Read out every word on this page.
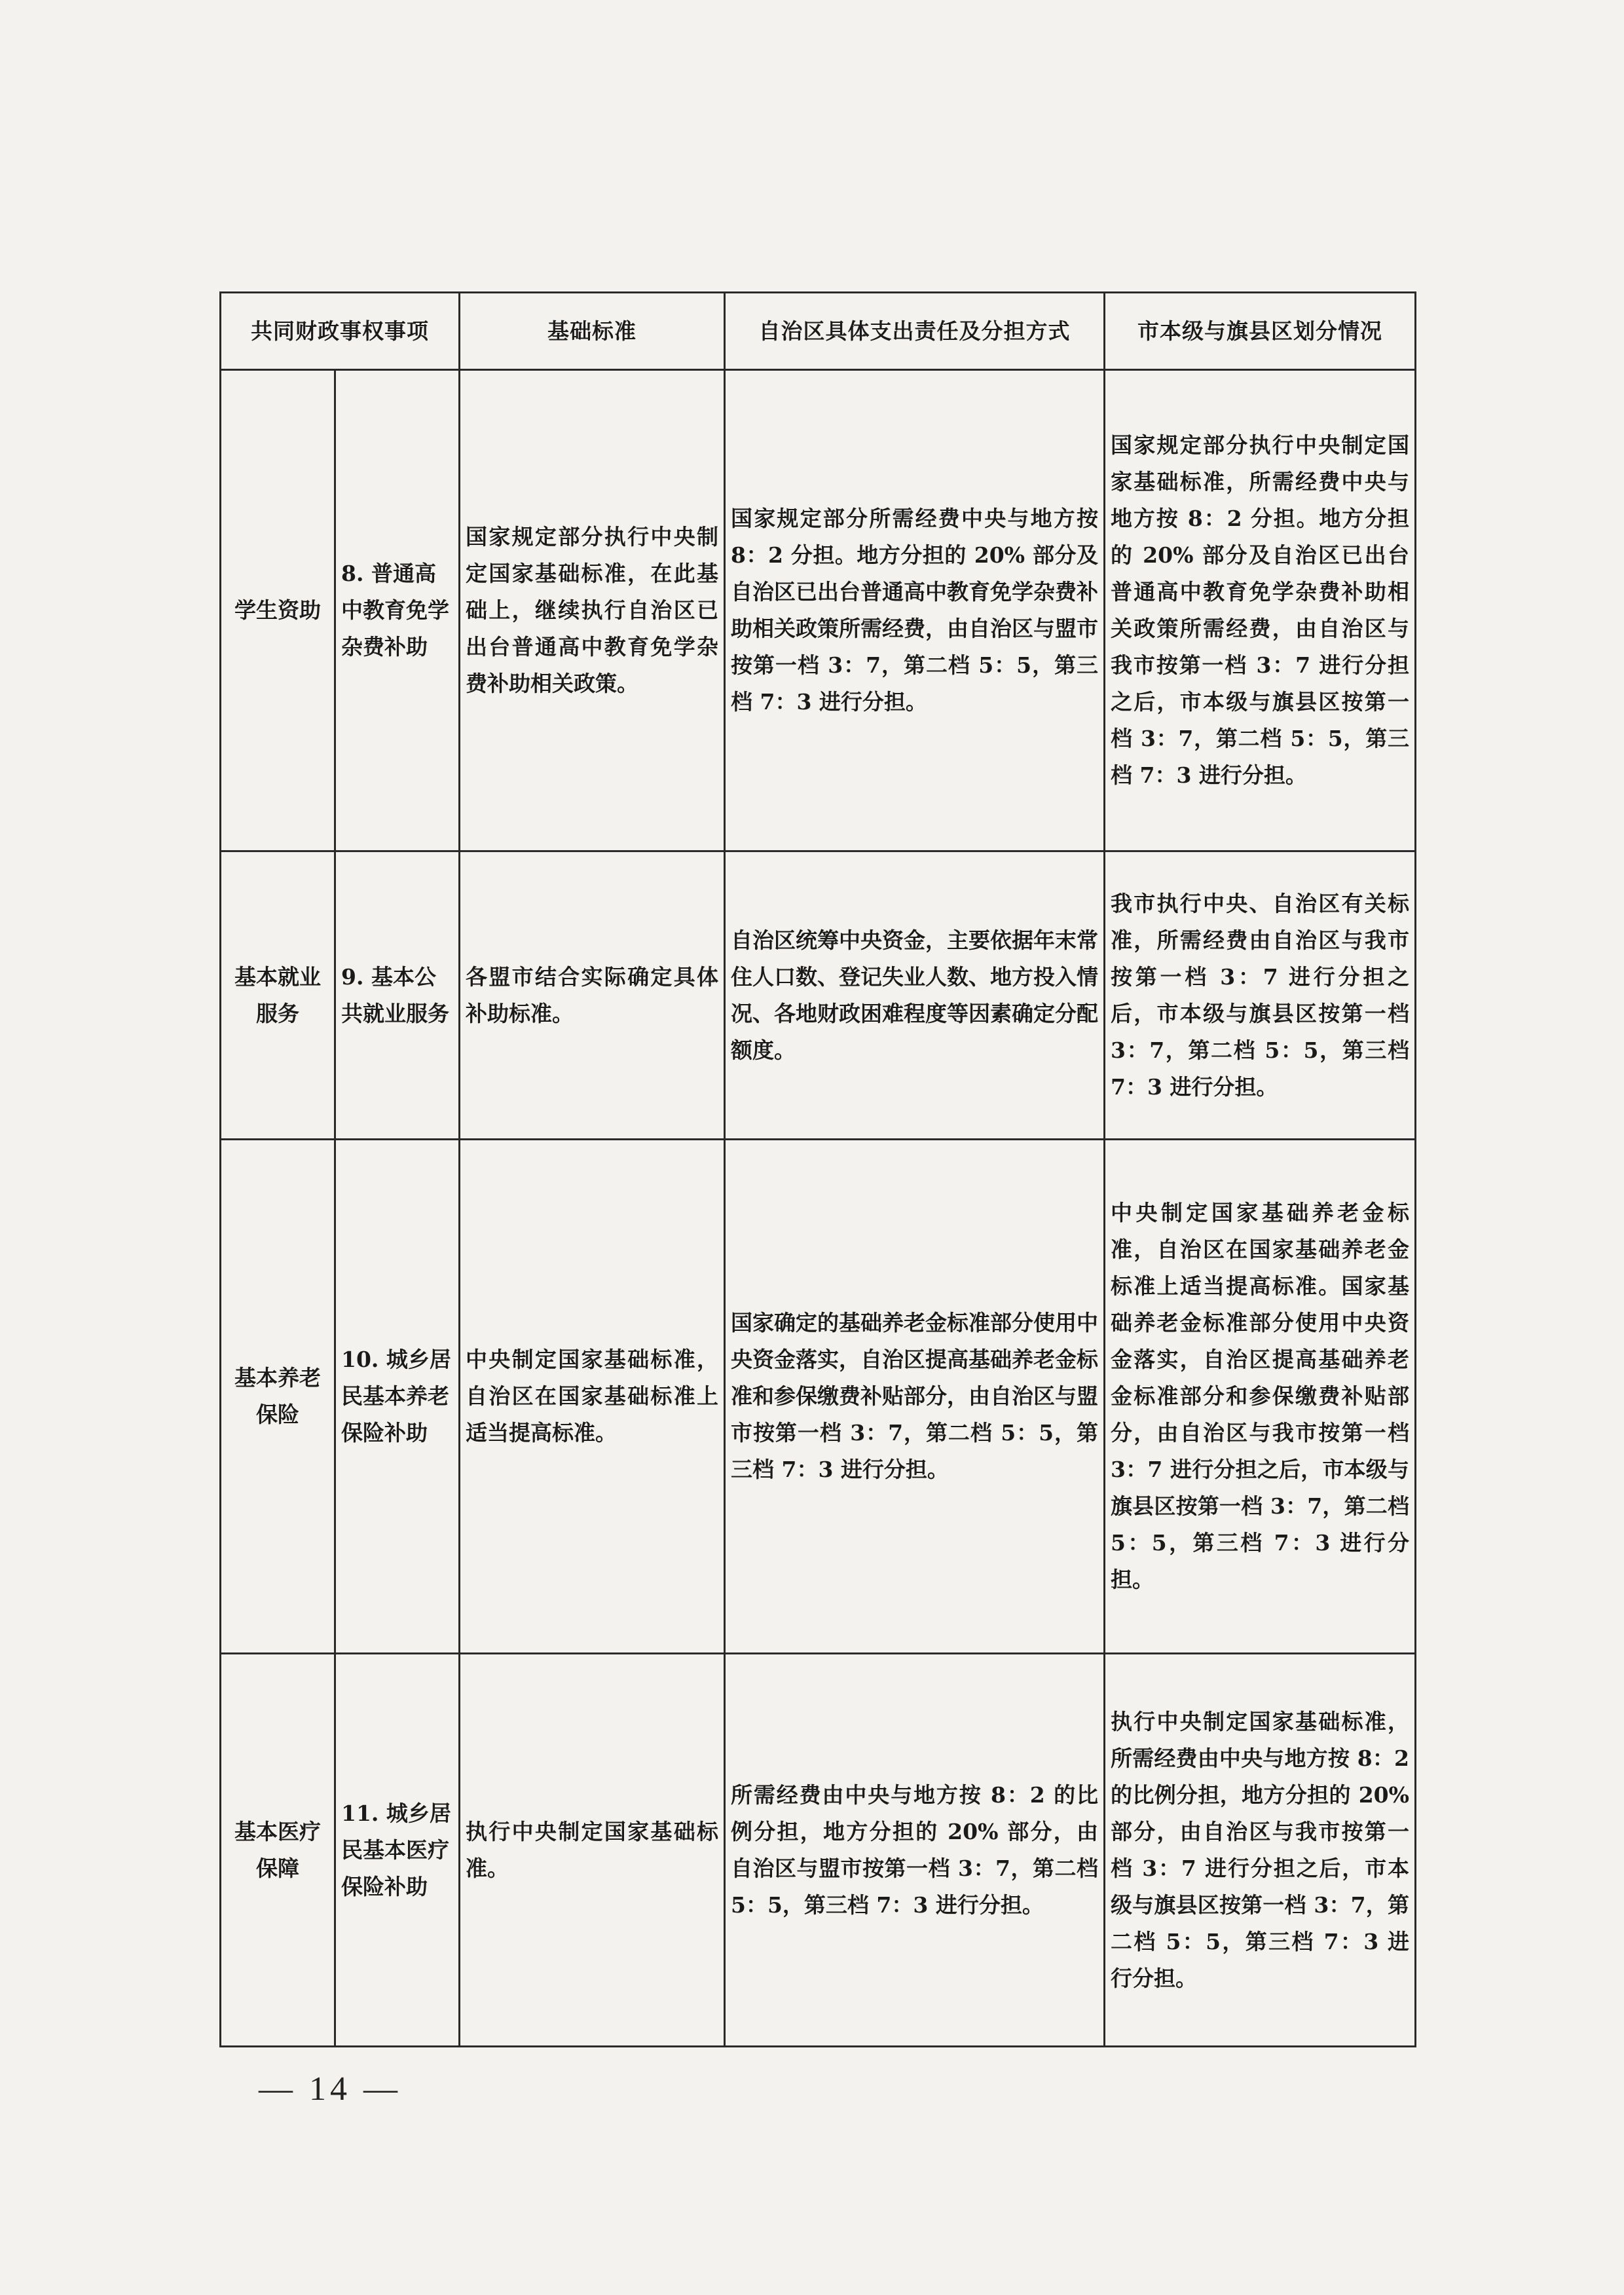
共同财政事权事项		基础标准	自治区具体支出责任及分担方式	市本级与旗县区划分情况
学生资助	8. 普通高中教育免学杂费补助	国家规定部分执行中央制定国家基础标准，在此基础上，继续执行自治区已出台普通高中教育免学杂费补助相关政策。	国家规定部分所需经费中央与地方按 8：2 分担。地方分担的 20% 部分及自治区已出台普通高中教育免学杂费补助相关政策所需经费，由自治区与盟市按第一档 3：7，第二档 5：5，第三档 7：3 进行分担。	国家规定部分执行中央制定国家基础标准，所需经费中央与地方按 8：2 分担。地方分担的 20% 部分及自治区已出台普通高中教育免学杂费补助相关政策所需经费，由自治区与我市按第一档 3：7 进行分担之后，市本级与旗县区按第一档 3：7，第二档 5：5，第三档 7：3 进行分担。
基本就业服务	9. 基本公共就业服务	各盟市结合实际确定具体补助标准。	自治区统筹中央资金，主要依据年末常住人口数、登记失业人数、地方投入情况、各地财政困难程度等因素确定分配额度。	我市执行中央、自治区有关标准，所需经费由自治区与我市按第一档 3：7 进行分担之后，市本级与旗县区按第一档 3：7，第二档 5：5，第三档 7：3 进行分担。
基本养老保险	10. 城乡居民基本养老保险补助	中央制定国家基础标准，自治区在国家基础标准上适当提高标准。	国家确定的基础养老金标准部分使用中央资金落实，自治区提高基础养老金标准和参保缴费补贴部分，由自治区与盟市按第一档 3：7，第二档 5：5，第三档 7：3 进行分担。	中央制定国家基础养老金标准，自治区在国家基础养老金标准上适当提高标准。国家基础养老金标准部分使用中央资金落实，自治区提高基础养老金标准部分和参保缴费补贴部分，由自治区与我市按第一档 3：7 进行分担之后，市本级与旗县区按第一档 3：7，第二档 5：5，第三档 7：3 进行分担。
基本医疗保障	11. 城乡居民基本医疗保险补助	执行中央制定国家基础标准。	所需经费由中央与地方按 8：2 的比例分担，地方分担的 20% 部分，由自治区与盟市按第一档 3：7，第二档 5：5，第三档 7：3 进行分担。	执行中央制定国家基础标准，所需经费由中央与地方按 8：2 的比例分担，地方分担的 20% 部分，由自治区与我市按第一档 3：7 进行分担之后，市本级与旗县区按第一档 3：7，第二档 5：5，第三档 7：3 进行分担。
— 14 —
